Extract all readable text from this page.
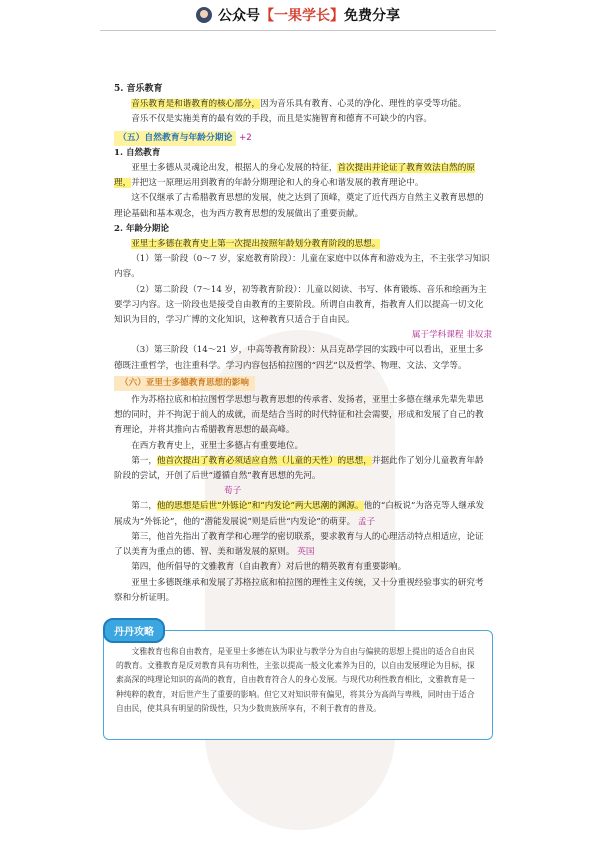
公众号 【一果学长】 免费分享

5. 音乐教育

音乐教育是和谐教育的核心部分，因为音乐具有教育、心灵的净化、理性的享受等功能。

音乐不仅是实施美育的最有效的手段，而且是实施智育和德育不可缺少的内容。

（五）自然教育与年龄分期论 +2

1. 自然教育

亚里士多德从灵魂论出发，根据人的身心发展的特征，首次提出并论证了教育效法自然的原理，并把这一原理运用到教育的年龄分期理论和人的身心和谐发展的教育理论中。

这不仅继承了古希腊教育思想的发展，使之达到了顶峰，奠定了近代西方自然主义教育思想的理论基础和基本观念，也为西方教育思想的发展做出了重要贡献。

2. 年龄分期论

亚里士多德在教育史上第一次提出按照年龄划分教育阶段的思想。

（1）第一阶段（0～7 岁，家庭教育阶段）：儿童在家庭中以体育和游戏为主，不主张学习知识内容。

（2）第二阶段（7～14 岁，初等教育阶段）：儿童以阅读、书写、体育锻炼、音乐和绘画为主要学习内容。这一阶段也是接受自由教育的主要阶段。所谓自由教育，指教育人们以提高一切文化知识为目的，学习广博的文化知识，这种教育只适合于自由民。

属于学科课程 非奴隶

（3）第三阶段（14～21 岁，中高等教育阶段）：从吕克昂学园的实践中可以看出，亚里士多德既注重哲学，也注重科学。学习内容包括柏拉图的“四艺”以及哲学、物理、文法、文学等。

（六）亚里士多德教育思想的影响

作为苏格拉底和柏拉图哲学思想与教育思想的传承者、发扬者，亚里士多德在继承先辈先辈思想的同时，并不拘泥于前人的成就，而是结合当时的时代特征和社会需要，形成和发展了自己的教育理论，并将其推向古希腊教育思想的最高峰。

在西方教育史上，亚里士多德占有重要地位。

第一，他首次提出了教育必须适应自然（儿童的天性）的思想，并据此作了划分儿童教育年龄阶段的尝试，开创了后世“遵循自然”教育思想的先河。

荀子

第二，他的思想是后世“外铄论”和“内发论”两大思潮的渊源。他的“白板说”为洛克等人继承发展成为“外铄论”，他的“潜能发展说”则是后世“内发论”的萌芽。 孟子

第三，他首先指出了教育学和心理学的密切联系，要求教育与人的心理活动特点相适应，论证了以美育为重点的德、智、美和谐发展的原则。 英国

第四，他所倡导的文雅教育（自由教育）对后世的精英教育有重要影响。

亚里士多德既继承和发展了苏格拉底和柏拉图的理性主义传统，又十分重视经验事实的研究考察和分析证明。

文雅教育也称自由教育，是亚里士多德在认为职业与教学分为自由与偏狭的思想上提出的适合自由民的教育。文雅教育是反对教育具有功利性，主张以提高一般文化素养为目的，以自由发展理论为目标，探索高深的纯理论知识的高尚的教育，自由教育符合人的身心发展。与现代功利性教育相比，文雅教育是一种纯粹的教育，对后世产生了重要的影响。但它又对知识带有偏见，将其分为高尚与卑贱，同时由于适合自由民，使其具有明显的阶级性，只为少数贵族所享有，不利于教育的普及。

丹丹攻略
